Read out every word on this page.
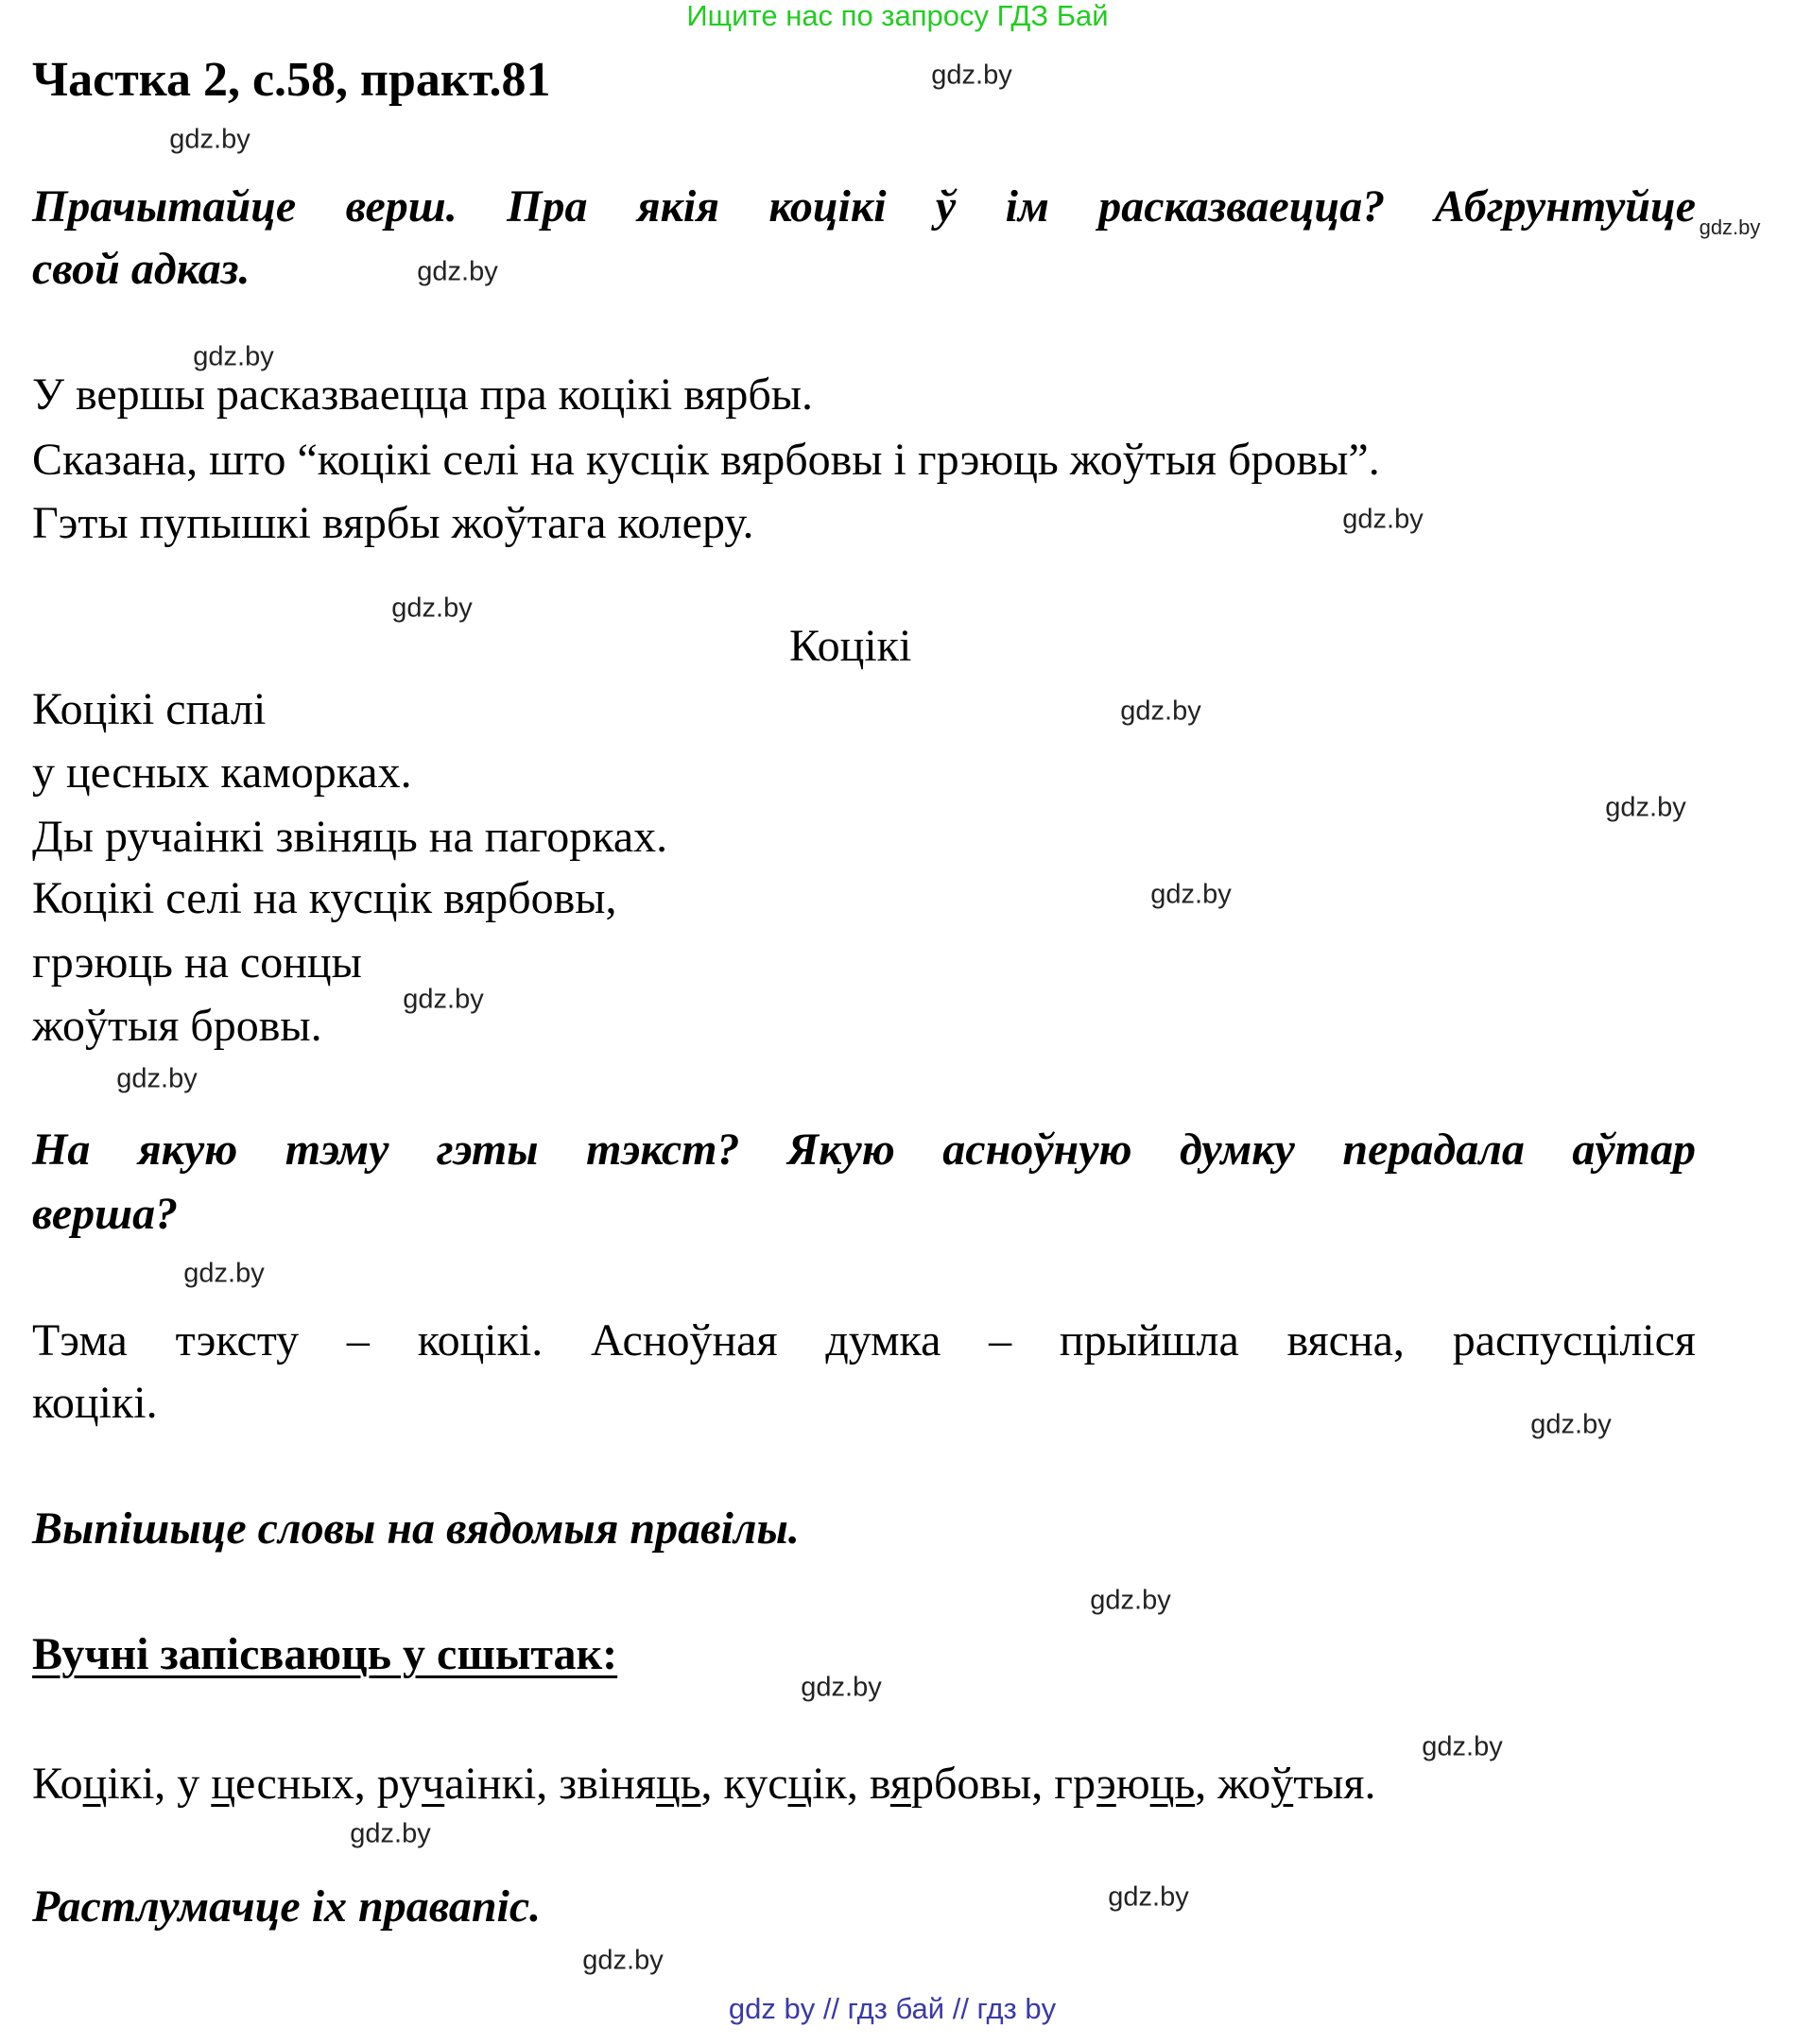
Ищите нас по запросу ГДЗ Бай
Частка 2, с.58, практ.81
Прачытайце верш. Пра якія коцікі ў ім расказваецца? Абгрунтуйце
свой адказ.
У вершы расказваецца пра коцікі вярбы.
Сказана, што “коцікі селі на кусцік вярбовы і грэюць жоўтыя бровы”.
Гэты пупышкі вярбы жоўтага колеру.
Коцікі
Коцікі спалі
у цесных каморках.
Ды ручаінкі звіняць на пагорках.
Коцікі селі на кусцік вярбовы,
грэюць на сонцы
жоўтыя бровы.
На якую тэму гэты тэкст? Якую асноўную думку перадала аўтар
верша?
Тэма тэксту – коцікі. Асноўная думка – прыйшла вясна, распусціліся
коцікі.
Выпішыце словы на вядомыя правілы.
Вучні запісваюць у сшытак:
Коцікі, у цесных, ручаінкі, звіняць, кусцік, вярбовы, грэюць, жоўтыя.
Растлумачце іх правапіс.
gdz.by
gdz.by
gdz.by
gdz.by
gdz.by
gdz.by
gdz.by
gdz.by
gdz.by
gdz.by
gdz.by
gdz.by
gdz.by
gdz.by
gdz.by
gdz.by
gdz.by
gdz.by
gdz.by
gdz.by
gdz by // гдз бай // гдз by
